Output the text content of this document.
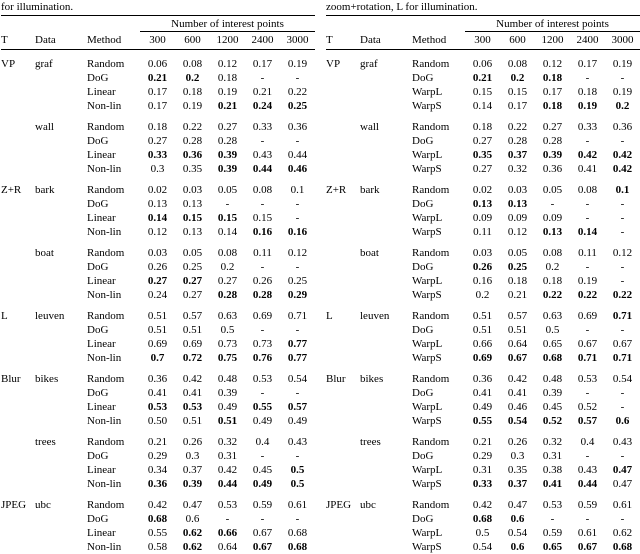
for illumination.
			Number of interest points				
T	Data	Method	300	600	1200	2400	3000
VP	graf	Random	0.06	0.08	0.12	0.17	0.19
		DoG	0.21	0.2	0.18	-	-
		Linear	0.17	0.18	0.19	0.21	0.22
		Non-lin	0.17	0.19	0.21	0.24	0.25
	wall	Random	0.18	0.22	0.27	0.33	0.36
		DoG	0.27	0.28	0.28	-	-
		Linear	0.33	0.36	0.39	0.43	0.44
		Non-lin	0.3	0.35	0.39	0.44	0.46
Z+R	bark	Random	0.02	0.03	0.05	0.08	0.1
		DoG	0.13	0.13	-	-	-
		Linear	0.14	0.15	0.15	0.15	-
		Non-lin	0.12	0.13	0.14	0.16	0.16
	boat	Random	0.03	0.05	0.08	0.11	0.12
		DoG	0.26	0.25	0.2	-	-
		Linear	0.27	0.27	0.27	0.26	0.25
		Non-lin	0.24	0.27	0.28	0.28	0.29
L	leuven	Random	0.51	0.57	0.63	0.69	0.71
		DoG	0.51	0.51	0.5	-	-
		Linear	0.69	0.69	0.73	0.73	0.77
		Non-lin	0.7	0.72	0.75	0.76	0.77
Blur	bikes	Random	0.36	0.42	0.48	0.53	0.54
		DoG	0.41	0.41	0.39	-	-
		Linear	0.53	0.53	0.49	0.55	0.57
		Non-lin	0.50	0.51	0.51	0.49	0.49
	trees	Random	0.21	0.26	0.32	0.4	0.43
		DoG	0.29	0.3	0.31	-	-
		Linear	0.34	0.37	0.42	0.45	0.5
		Non-lin	0.36	0.39	0.44	0.49	0.5
JPEG	ubc	Random	0.42	0.47	0.53	0.59	0.61
		DoG	0.68	0.6	-	-	-
		Linear	0.55	0.62	0.66	0.67	0.68
		Non-lin	0.58	0.62	0.64	0.67	0.68
zoom+rotation, L for illumination.
			Number of interest points				
T	Data	Method	300	600	1200	2400	3000
VP	graf	Random	0.06	0.08	0.12	0.17	0.19
		DoG	0.21	0.2	0.18	-	-
		WarpL	0.15	0.15	0.17	0.18	0.19
		WarpS	0.14	0.17	0.18	0.19	0.2
	wall	Random	0.18	0.22	0.27	0.33	0.36
		DoG	0.27	0.28	0.28	-	-
		WarpL	0.35	0.37	0.39	0.42	0.42
		WarpS	0.27	0.32	0.36	0.41	0.42
Z+R	bark	Random	0.02	0.03	0.05	0.08	0.1
		DoG	0.13	0.13	-	-	-
		WarpL	0.09	0.09	0.09	-	-
		WarpS	0.11	0.12	0.13	0.14	-
	boat	Random	0.03	0.05	0.08	0.11	0.12
		DoG	0.26	0.25	0.2	-	-
		WarpL	0.16	0.18	0.18	0.19	-
		WarpS	0.2	0.21	0.22	0.22	0.22
L	leuven	Random	0.51	0.57	0.63	0.69	0.71
		DoG	0.51	0.51	0.5	-	-
		WarpL	0.66	0.64	0.65	0.67	0.67
		WarpS	0.69	0.67	0.68	0.71	0.71
Blur	bikes	Random	0.36	0.42	0.48	0.53	0.54
		DoG	0.41	0.41	0.39	-	-
		WarpL	0.49	0.46	0.45	0.52	-
		WarpS	0.55	0.54	0.52	0.57	0.6
	trees	Random	0.21	0.26	0.32	0.4	0.43
		DoG	0.29	0.3	0.31	-	-
		WarpL	0.31	0.35	0.38	0.43	0.47
		WarpS	0.33	0.37	0.41	0.44	0.47
JPEG	ubc	Random	0.42	0.47	0.53	0.59	0.61
		DoG	0.68	0.6	-	-	-
		WarpL	0.5	0.54	0.59	0.61	0.62
		WarpS	0.54	0.6	0.65	0.67	0.68
